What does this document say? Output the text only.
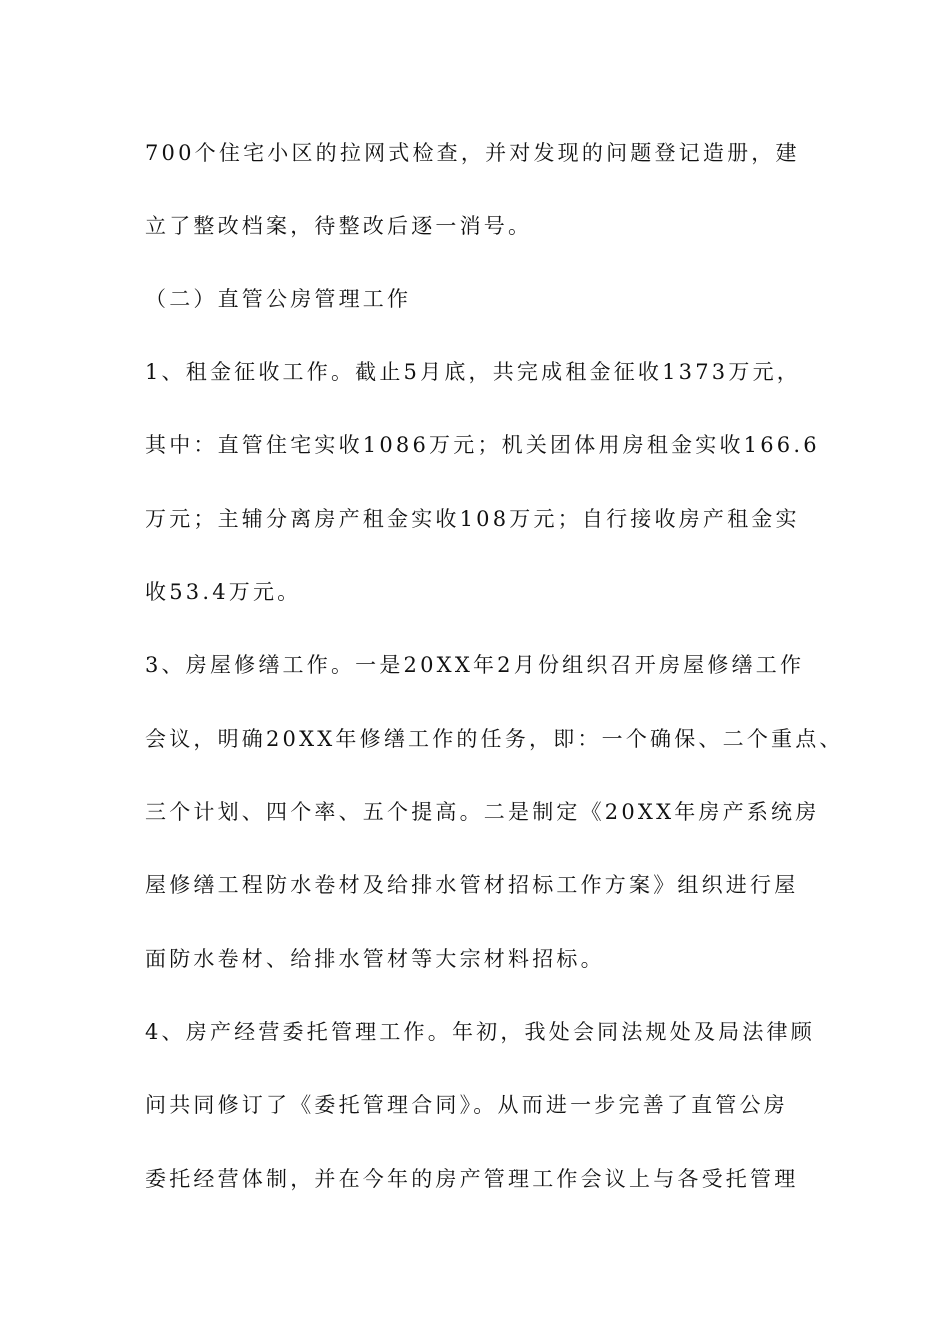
700个住宅小区的拉网式检查，并对发现的问题登记造册，建
立了整改档案，待整改后逐一消号。
（二）直管公房管理工作
1、租金征收工作。截止5月底，共完成租金征收1373万元，
其中：直管住宅实收1086万元；机关团体用房租金实收166.6
万元；主辅分离房产租金实收108万元；自行接收房产租金实
收53.4万元。
3、房屋修缮工作。一是20XX年2月份组织召开房屋修缮工作
会议，明确20XX年修缮工作的任务，即：一个确保、二个重点、
三个计划、四个率、五个提高。二是制定《20XX年房产系统房
屋修缮工程防水卷材及给排水管材招标工作方案》组织进行屋
面防水卷材、给排水管材等大宗材料招标。
4、房产经营委托管理工作。年初，我处会同法规处及局法律顾
问共同修订了《委托管理合同》。从而进一步完善了直管公房
委托经营体制，并在今年的房产管理工作会议上与各受托管理
